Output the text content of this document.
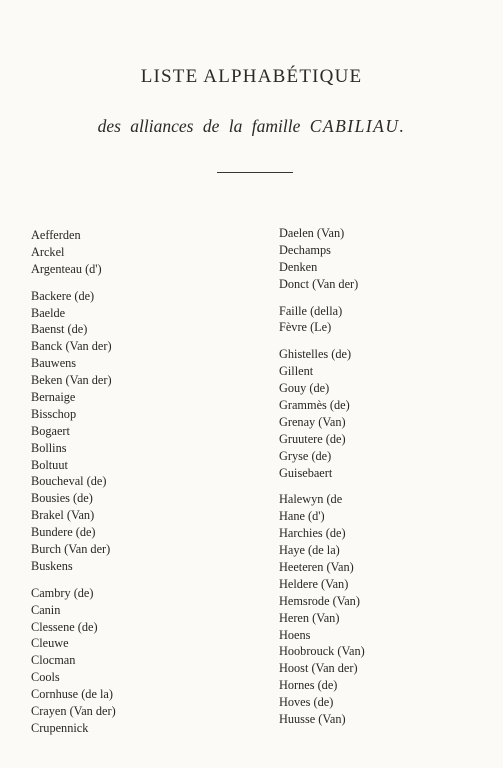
LISTE ALPHABÉTIQUE
des alliances de la famille CABILIAU.
Aefferden
Arckel
Argenteau (d')
Backere (de)
Baelde
Baenst (de)
Banck (Van der)
Bauwens
Beken (Van der)
Bernaige
Bisschop
Bogaert
Bollins
Boltuut
Boucheval (de)
Bousies (de)
Brakel (Van)
Bundere (de)
Burch (Van der)
Buskens
Cambry (de)
Canin
Clessene (de)
Cleuwe
Clocman
Cools
Cornhuse (de la)
Crayen (Van der)
Crupennick
Daelen (Van)
Dechamps
Denken
Donct (Van der)
Faille (della)
Fèvre (Le)
Ghistelles (de)
Gillent
Gouy (de)
Grammès (de)
Grenay (Van)
Gruutere (de)
Gryse (de)
Guisebaert
Halewyn (de
Hane (d')
Harchies (de)
Haye (de la)
Heeteren (Van)
Heldere (Van)
Hemsrode (Van)
Heren (Van)
Hoens
Hoobrouck (Van)
Hoost (Van der)
Hornes (de)
Hoves (de)
Huusse (Van)
